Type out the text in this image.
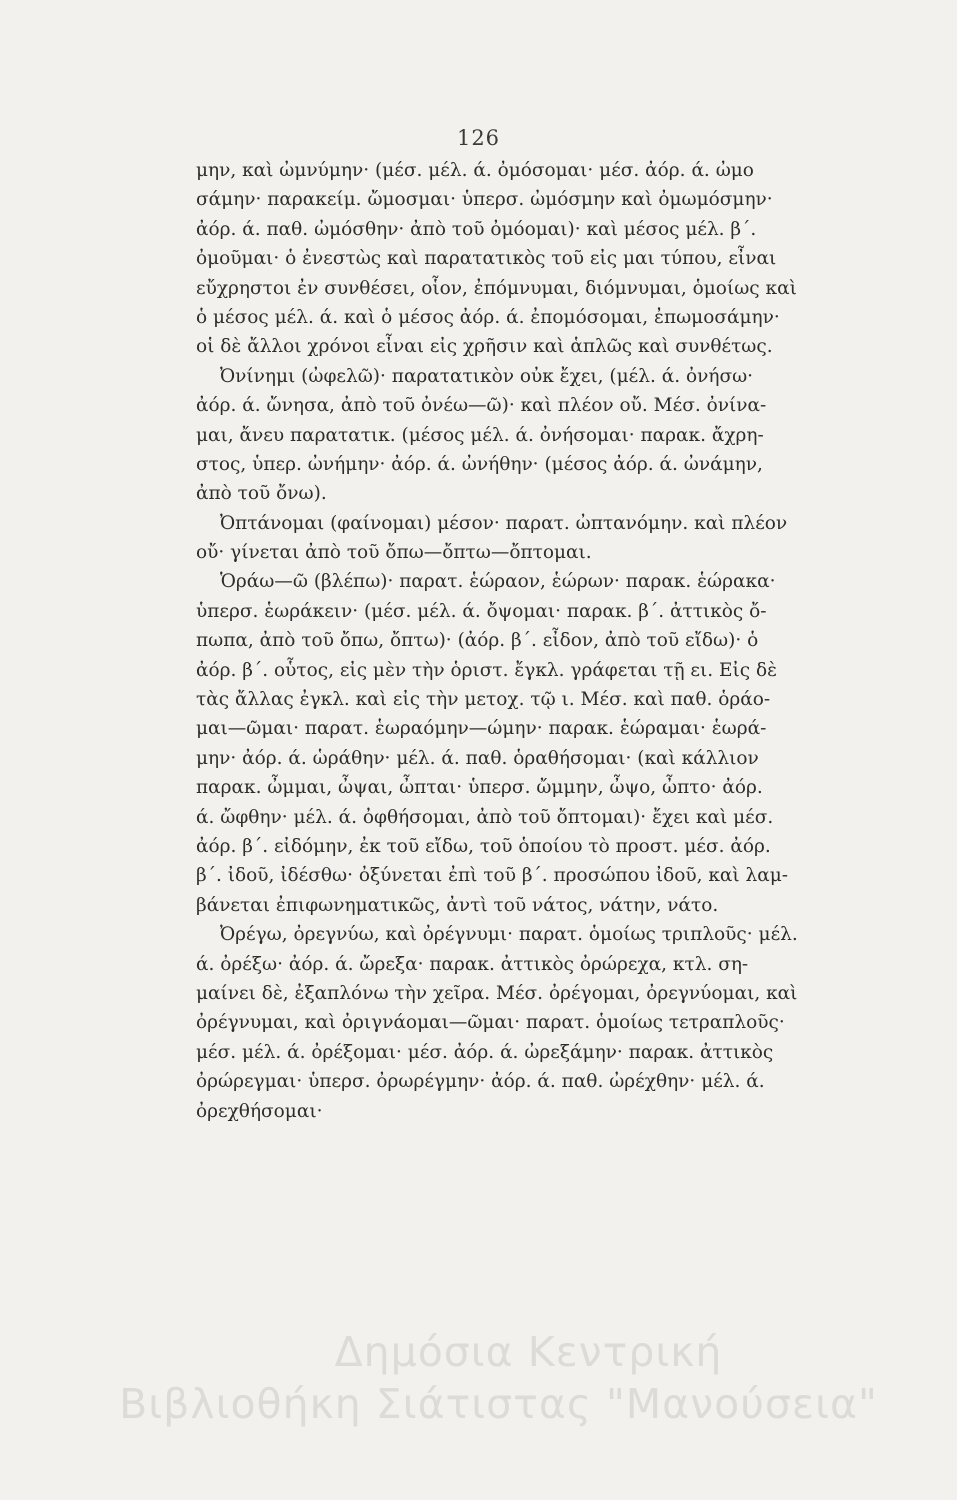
126
μην, καὶ ὠμνύμην· (μέσ. μέλ. ά. ὀμόσομαι· μέσ. ἀόρ. ά. ὠμο
σάμην· παρακείμ. ὤμοσμαι· ὑπερσ. ὠμόσμην καὶ ὀμωμόσμην·
ἀόρ. ά. παθ. ὠμόσθην· ἀπὸ τοῦ ὀμόομαι)· καὶ μέσος μέλ. β΄.
ὀμοῦμαι· ὁ ἐνεστὼς καὶ παρατατικὸς τοῦ εἰς μαι τύπου, εἶναι
εὔχρηστοι ἐν συνθέσει, οἷον, ἐπόμνυμαι, διόμνυμαι, ὁμοίως καὶ
ὁ μέσος μέλ. ά. καὶ ὁ μέσος ἀόρ. ά. ἐπομόσομαι, ἐπωμοσάμην·
οἱ δὲ ἄλλοι χρόνοι εἶναι εἰς χρῆσιν καὶ ἁπλῶς καὶ συνθέτως.
Ὀνίνημι (ὠφελῶ)· παρατατικὸν οὐκ ἔχει, (μέλ. ά. ὀνήσω·
ἀόρ. ά. ὤνησα, ἀπὸ τοῦ ὀνέω—ῶ)· καὶ πλέον οὔ. Μέσ. ὀνίνα-
μαι, ἄνευ παρατατικ. (μέσος μέλ. ά. ὀνήσομαι· παρακ. ἄχρη-
στος, ὑπερ. ὠνήμην· ἀόρ. ά. ὠνήθην· (μέσος ἀόρ. ά. ὠνάμην,
ἀπὸ τοῦ ὄνω).
Ὀπτάνομαι (φαίνομαι) μέσον· παρατ. ὠπτανόμην. καὶ πλέον
οὔ· γίνεται ἀπὸ τοῦ ὄπω—ὄπτω—ὄπτομαι.
Ὁράω—ῶ (βλέπω)· παρατ. ἑώραον, ἑώρων· παρακ. ἑώρακα·
ὑπερσ. ἑωράκειν· (μέσ. μέλ. ά. ὄψομαι· παρακ. β΄. ἀττικὸς ὄ-
πωπα, ἀπὸ τοῦ ὄπω, ὄπτω)· (ἀόρ. β΄. εἶδον, ἀπὸ τοῦ εἴδω)· ὁ
ἀόρ. β΄. οὗτος, εἰς μὲν τὴν ὁριστ. ἔγκλ. γράφεται τῇ ει. Εἰς δὲ
τὰς ἄλλας ἐγκλ. καὶ εἰς τὴν μετοχ. τῷ ι. Μέσ. καὶ παθ. ὁράο-
μαι—ῶμαι· παρατ. ἑωραόμην—ώμην· παρακ. ἑώραμαι· ἑωρά-
μην· ἀόρ. ά. ὡράθην· μέλ. ά. παθ. ὁραθήσομαι· (καὶ κάλλιον
παρακ. ὦμμαι, ὦψαι, ὦπται· ὑπερσ. ὤμμην, ὦψο, ὦπτο· ἀόρ.
ά. ὤφθην· μέλ. ά. ὀφθήσομαι, ἀπὸ τοῦ ὄπτομαι)· ἔχει καὶ μέσ.
ἀόρ. β΄. εἰδόμην, ἐκ τοῦ εἴδω, τοῦ ὁποίου τὸ προστ. μέσ. ἀόρ.
β΄. ἰδοῦ, ἰδέσθω· ὀξύνεται ἐπὶ τοῦ β΄. προσώπου ἰδοῦ, καὶ λαμ-
βάνεται ἐπιφωνηματικῶς, ἀντὶ τοῦ νάτος, νάτην, νάτο.
Ὀρέγω, ὀρεγνύω, καὶ ὀρέγνυμι· παρατ. ὁμοίως τριπλοῦς· μέλ.
ά. ὀρέξω· ἀόρ. ά. ὤρεξα· παρακ. ἀττικὸς ὀρώρεχα, κτλ. ση-
μαίνει δὲ, ἐξαπλόνω τὴν χεῖρα. Μέσ. ὀρέγομαι, ὀρεγνύομαι, καὶ
ὀρέγνυμαι, καὶ ὀριγνάομαι—ῶμαι· παρατ. ὁμοίως τετραπλοῦς·
μέσ. μέλ. ά. ὀρέξομαι· μέσ. ἀόρ. ά. ὠρεξάμην· παρακ. ἀττικὸς
ὀρώρεγμαι· ὑπερσ. ὀρωρέγμην· ἀόρ. ά. παθ. ὠρέχθην· μέλ. ά.
ὀρεχθήσομαι·
Δημόσια Κεντρική
Βιβλιοθήκη Σιάτιστας "Μανούσεια"
